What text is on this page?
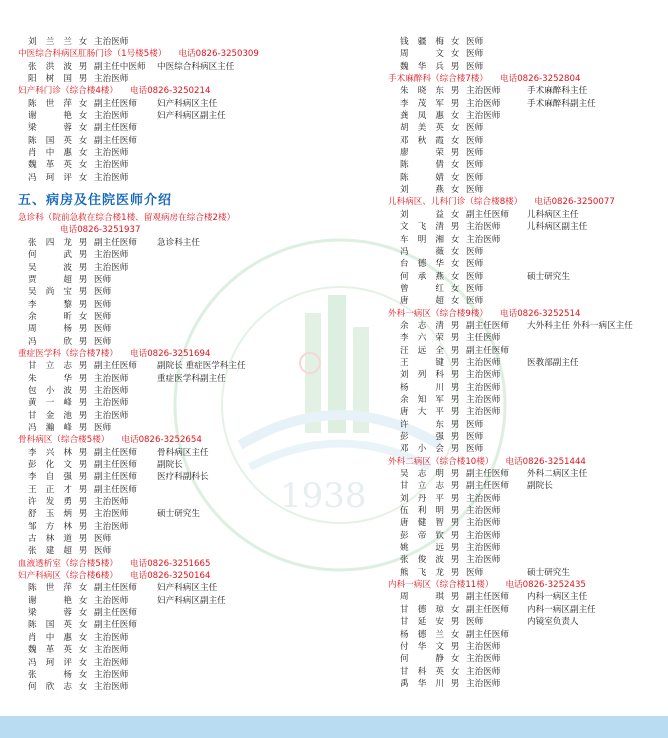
1938
刘兰兰 女 主治医师
中医综合科病区肛肠门诊（1号楼5楼） 电话0826-3250309
张洪波 男 副主任中医师 中医综合科病区主任
阳树国 男 主治医师
妇产科门诊（综合楼4楼） 电话0826-3250214
陈世萍 女 副主任医师 妇产科病区主任
谢艳 女 主治医师	妇产科病区副主任
梁蓉 女 副主任医师
陈国英 女 副主任医师
肖中惠 女 主治医师
魏革英 女 主治医师
冯珂评 女 主治医师
五、病房及住院医师介绍
急诊科（院前急救在综合楼1楼、留观病房在综合楼2楼）
电话0826-3251937
张四龙 男 副主任医师 急诊科主任
何武 男 主治医师
吴波 男 主治医师
贾超 男 医师
吴尚宝 男 医师
李黎 男 医师
余昕 女 医师
周杨 男 医师
冯欣 男 医师
重症医学科（综合楼7楼） 电话0826-3251694
甘立志 男 副主任医师 副院长 重症医学科主任
朱华 男 主治医师	重症医学科副主任
包小波 男 主治医师
黄一峰 男 主治医师
甘金池 男 主治医师
冯瀚峰 男 医师
骨科病区（综合楼5楼） 电话0826-3252654
李兴林 男 副主任医师 骨科病区主任
彭化文 男 副主任医师 副院长
李自强 男 副主任医师 医疗科副科长
王正才 男 副主任医师
许发勇 男 主治医师
舒玉炳 男 主治医师	硕士研究生
邹方林 男 主治医师
古林道 男 医师
张建超 男 医师
血液透析室（综合楼5楼） 电话0826-3251665
妇产科病区（综合楼6楼） 电话0826-3250164
陈世萍 女 副主任医师 妇产科病区主任
谢艳 女 主治医师	妇产科病区副主任
梁蓉 女 副主任医师
陈国英 女 副主任医师
肖中惠 女 主治医师
魏革英 女 主治医师
冯珂评 女 主治医师
张杨 女 主治医师
何欣志 女 主治医师
钱疆梅 女 医师
周文 女 医师
魏华兵 男 医师
手术麻醉科（综合楼7楼） 电话0826-3252804
朱晓东 男 主治医师	手术麻醉科主任
李茂军 男 主治医师	手术麻醉科副主任
龚凤惠 女 主治医师
胡美英 女 医师
邓秋霞 女 医师
廖荣 男 医师
陈倩 女 医师
陈婧 女 医师
刘燕 女 医师
儿科病区、儿科门诊（综合楼8楼） 电话0826-3250077
刘益 女 副主任医师 儿科病区主任
文飞清 男 主治医师	儿科病区副主任
车明湘 女 主治医师
冯薇 女 医师
台德华 女 医师
何承燕 女 医师	硕士研究生
曾红 女 医师
唐超 女 医师
外科一病区（综合楼9楼） 电话0826-3252514
余志清 男 副主任医师 大外科主任 外科一病区主任
李六荣 男 主任医师
汪远全 男 副主任医师
王键 男 主治医师	医教部副主任
刘列科 男 主治医师
杨川 男 主治医师
余知军 男 主治医师
唐大平 男 主治医师
许东 男 医师
彭强 男 医师
邓小会 男 医师
外科二病区（综合楼10楼） 电话0826-3251444
吴志明 男 副主任医师 外科二病区主任
甘立志 男 副主任医师 副院长
刘丹平 男 主治医师
伍利明 男 主治医师
唐健智 男 主治医师
彭帝钦 男 主治医师
姚远 男 主治医师
张俊波 男 主治医师
熊飞龙 男 医师	硕士研究生
内科一病区（综合楼11楼） 电话0826-3252435
周琪 男 副主任医师 内科一病区主任
甘德琼 女 副主任医师 内科一病区副主任
甘延安 男 医师	内镜室负责人
杨德兰 女 副主任医师
付华文 男 主治医师
何静 女 主治医师
甘科英 女 主治医师
禹华川 男 主治医师
